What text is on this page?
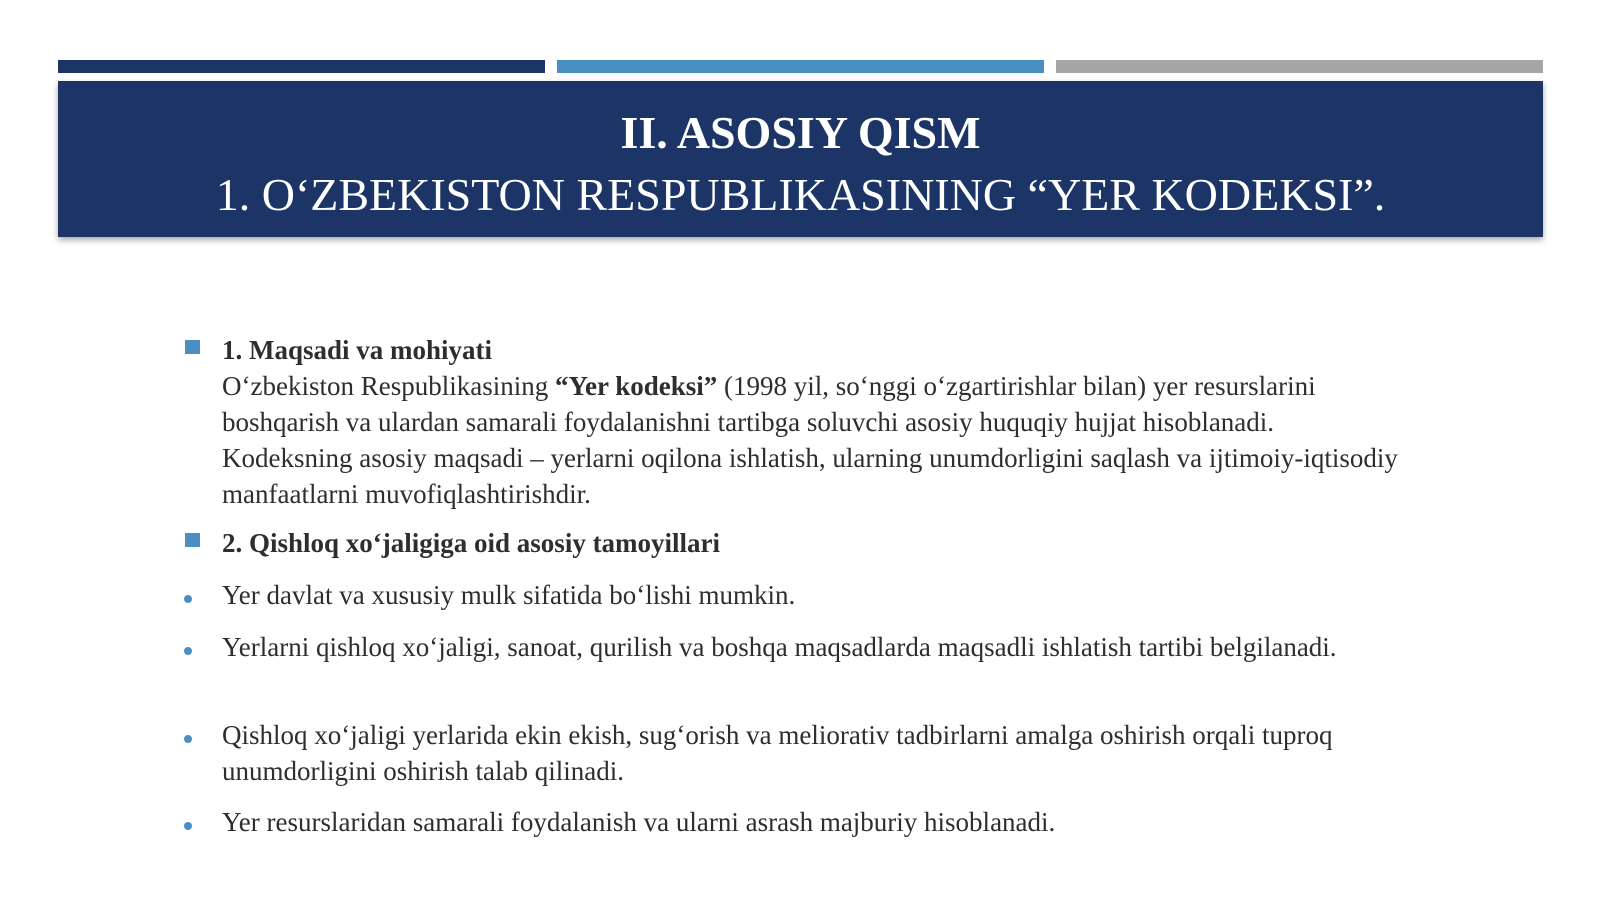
II. ASOSIY QISM
1. O‘ZBEKISTON RESPUBLIKASINING “YER KODEKSI”.
1. Maqsadi va mohiyati
O‘zbekiston Respublikasining “Yer kodeksi” (1998 yil, so‘nggi o‘zgartirishlar bilan) yer resurslarini boshqarish va ulardan samarali foydalanishni tartibga soluvchi asosiy huquqiy hujjat hisoblanadi. Kodeksning asosiy maqsadi – yerlarni oqilona ishlatish, ularning unumdorligini saqlash va ijtimoiy-iqtisodiy manfaatlarni muvofiqlashtirishdir.
2. Qishloq xo‘jaligiga oid asosiy tamoyillari
Yer davlat va xususiy mulk sifatida bo‘lishi mumkin.
Yerlarni qishloq xo‘jaligi, sanoat, qurilish va boshqa maqsadlarda maqsadli ishlatish tartibi belgilanadi.
Qishloq xo‘jaligi yerlarida ekin ekish, sug‘orish va meliorativ tadbirlarni amalga oshirish orqali tuproq unumdorligini oshirish talab qilinadi.
Yer resurslaridan samarali foydalanish va ularni asrash majburiy hisoblanadi.
